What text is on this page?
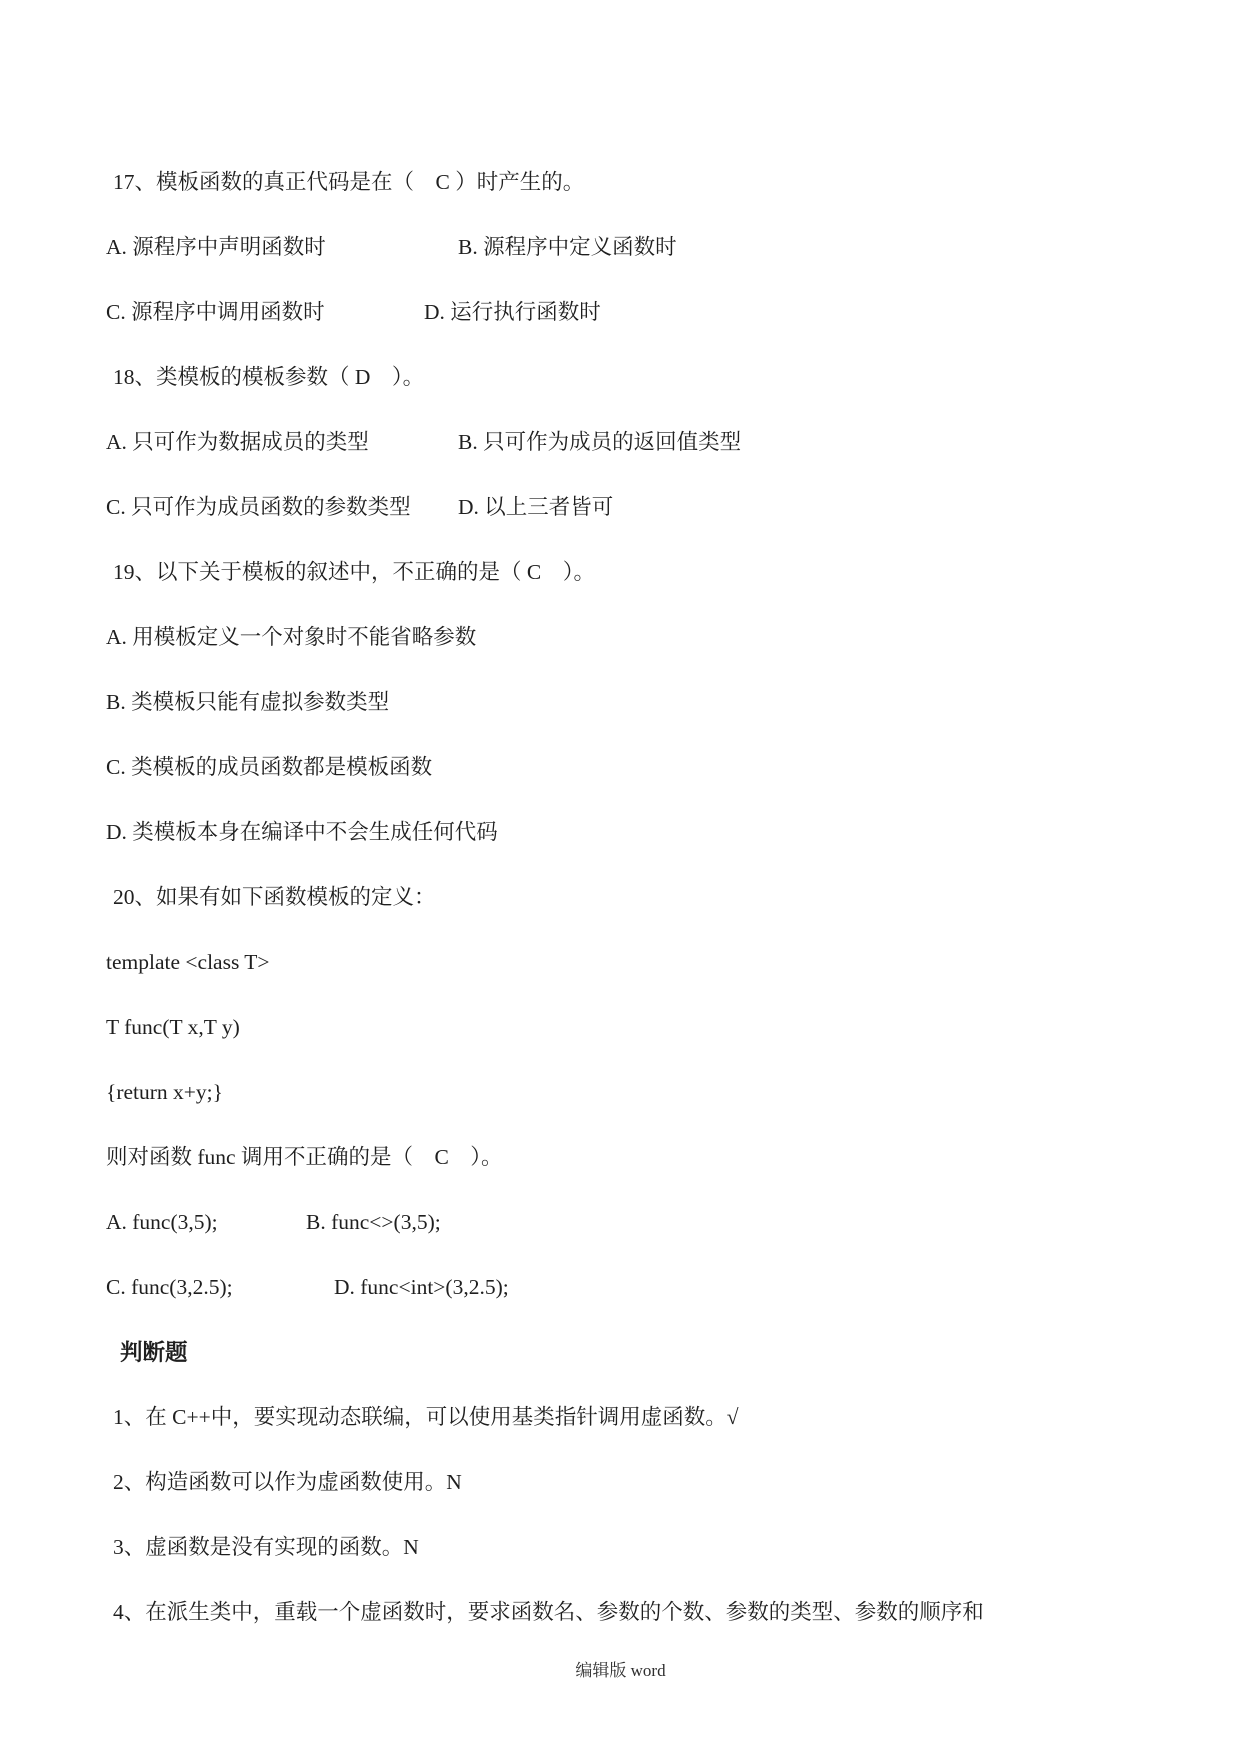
17、模板函数的真正代码是在（　C ）时产生的。

A. 源程序中声明函数时	B. 源程序中定义函数时

C. 源程序中调用函数时	D. 运行执行函数时

18、类模板的模板参数（ D　）。

A. 只可作为数据成员的类型	B. 只可作为成员的返回值类型

C. 只可作为成员函数的参数类型 D. 以上三者皆可

19、以下关于模板的叙述中，不正确的是（ C　）。

A. 用模板定义一个对象时不能省略参数

B. 类模板只能有虚拟参数类型

C. 类模板的成员函数都是模板函数

D. 类模板本身在编译中不会生成任何代码

20、如果有如下函数模板的定义：

template <class T>

T func(T x,T y)

{return x+y;}

则对函数 func 调用不正确的是（　C　）。

A. func(3,5);	B. func<>(3,5);

C. func(3,2.5);	D. func<int>(3,2.5);

判断题

1、在 C++中，要实现动态联编，可以使用基类指针调用虚函数。√

2、构造函数可以作为虚函数使用。N

3、虚函数是没有实现的函数。N

4、在派生类中，重载一个虚函数时，要求函数名、参数的个数、参数的类型、参数的顺序和

编辑版 word
